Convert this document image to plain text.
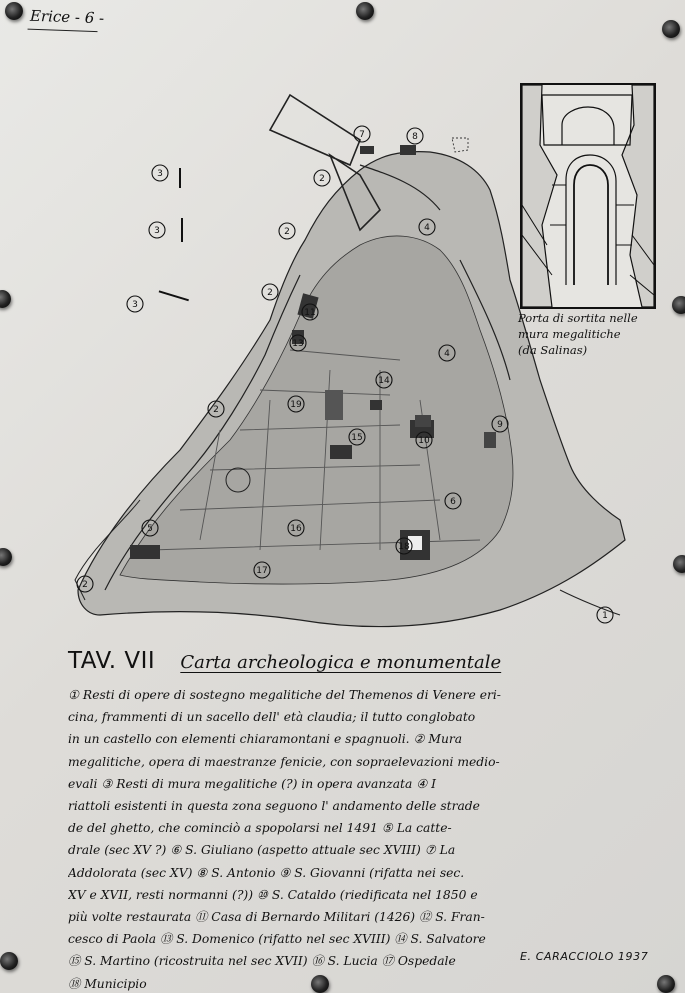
Erice - 6 -
3
3
3
2
2
2
2
2
7	8
4
4
9
11
13
14
19
15	10
6
5	16
18
17
1
Porta di sortita nelle
mura megalitiche
(da Salinas)
TAV. VII Carta archeologica e monumentale
① Resti di opere di sostegno megalitiche del Themenos di Venere eri-
cina, frammenti di un sacello dell' età claudia; il tutto conglobato
in un castello con elementi chiaramontani e spagnuoli. ② Mura
megalitiche, opera di maestranze fenicie, con sopraelevazioni medio-
evali ③ Resti di mura megalitiche (?) in opera avanzata ④ I
riattoli esistenti in questa zona seguono l' andamento delle strade
de del ghetto, che cominciò a spopolarsi nel 1491 ⑤ La catte-
drale (sec XV ?) ⑥ S. Giuliano (aspetto attuale sec XVIII) ⑦ La
Addolorata (sec XV) ⑧ S. Antonio ⑨ S. Giovanni (rifatta nei sec.
XV e XVII, resti normanni (?)) ⑩ S. Cataldo (riedificata nel 1850 e
più volte restaurata ⑪ Casa di Bernardo Militari (1426) ⑫ S. Fran-
cesco di Paola ⑬ S. Domenico (rifatto nel sec XVIII) ⑭ S. Salvatore
⑮ S. Martino (ricostruita nel sec XVII) ⑯ S. Lucia ⑰ Ospedale
⑱ Municipio
E. CARACCIOLO 1937
